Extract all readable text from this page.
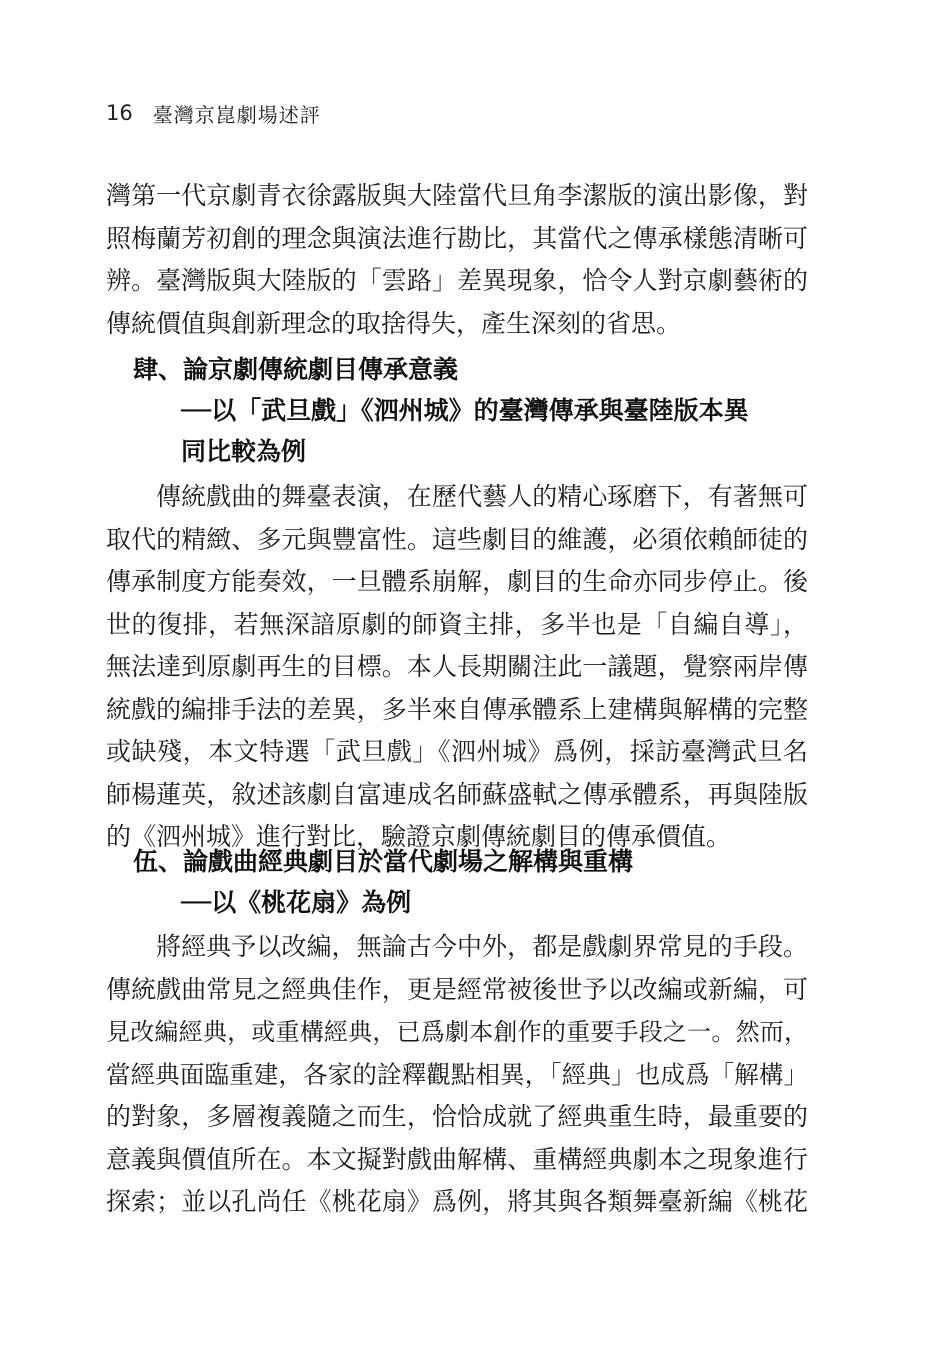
16 臺灣京崑劇場述評
灣第一代京劇青衣徐露版與大陸當代旦角李潔版的演出影像，對
照梅蘭芳初創的理念與演法進行勘比，其當代之傳承樣態清晰可
辨。臺灣版與大陸版的「雲路」差異現象，恰令人對京劇藝術的
傳統價值與創新理念的取捨得失，產生深刻的省思。
肆、論京劇傳統劇目傳承意義
──以「武旦戲」《泗州城》的臺灣傳承與臺陸版本異
同比較為例
傳統戲曲的舞臺表演，在歷代藝人的精心琢磨下，有著無可
取代的精緻、多元與豐富性。這些劇目的維護，必須依賴師徒的
傳承制度方能奏效，一旦體系崩解，劇目的生命亦同步停止。後
世的復排，若無深諳原劇的師資主排，多半也是「自編自導」，
無法達到原劇再生的目標。本人長期關注此一議題，覺察兩岸傳
統戲的編排手法的差異，多半來自傳承體系上建構與解構的完整
或缺殘，本文特選「武旦戲」《泗州城》爲例，採訪臺灣武旦名
師楊蓮英，敘述該劇自富連成名師蘇盛軾之傳承體系，再與陸版
的《泗州城》進行對比，驗證京劇傳統劇目的傳承價值。
伍、論戲曲經典劇目於當代劇場之解構與重構
──以《桃花扇》為例
將經典予以改編，無論古今中外，都是戲劇界常見的手段。
傳統戲曲常見之經典佳作，更是經常被後世予以改編或新編，可
見改編經典，或重構經典，已爲劇本創作的重要手段之一。然而，
當經典面臨重建，各家的詮釋觀點相異，「經典」也成爲「解構」
的對象，多層複義隨之而生，恰恰成就了經典重生時，最重要的
意義與價值所在。本文擬對戲曲解構、重構經典劇本之現象進行
探索；並以孔尚任《桃花扇》爲例，將其與各類舞臺新編《桃花
